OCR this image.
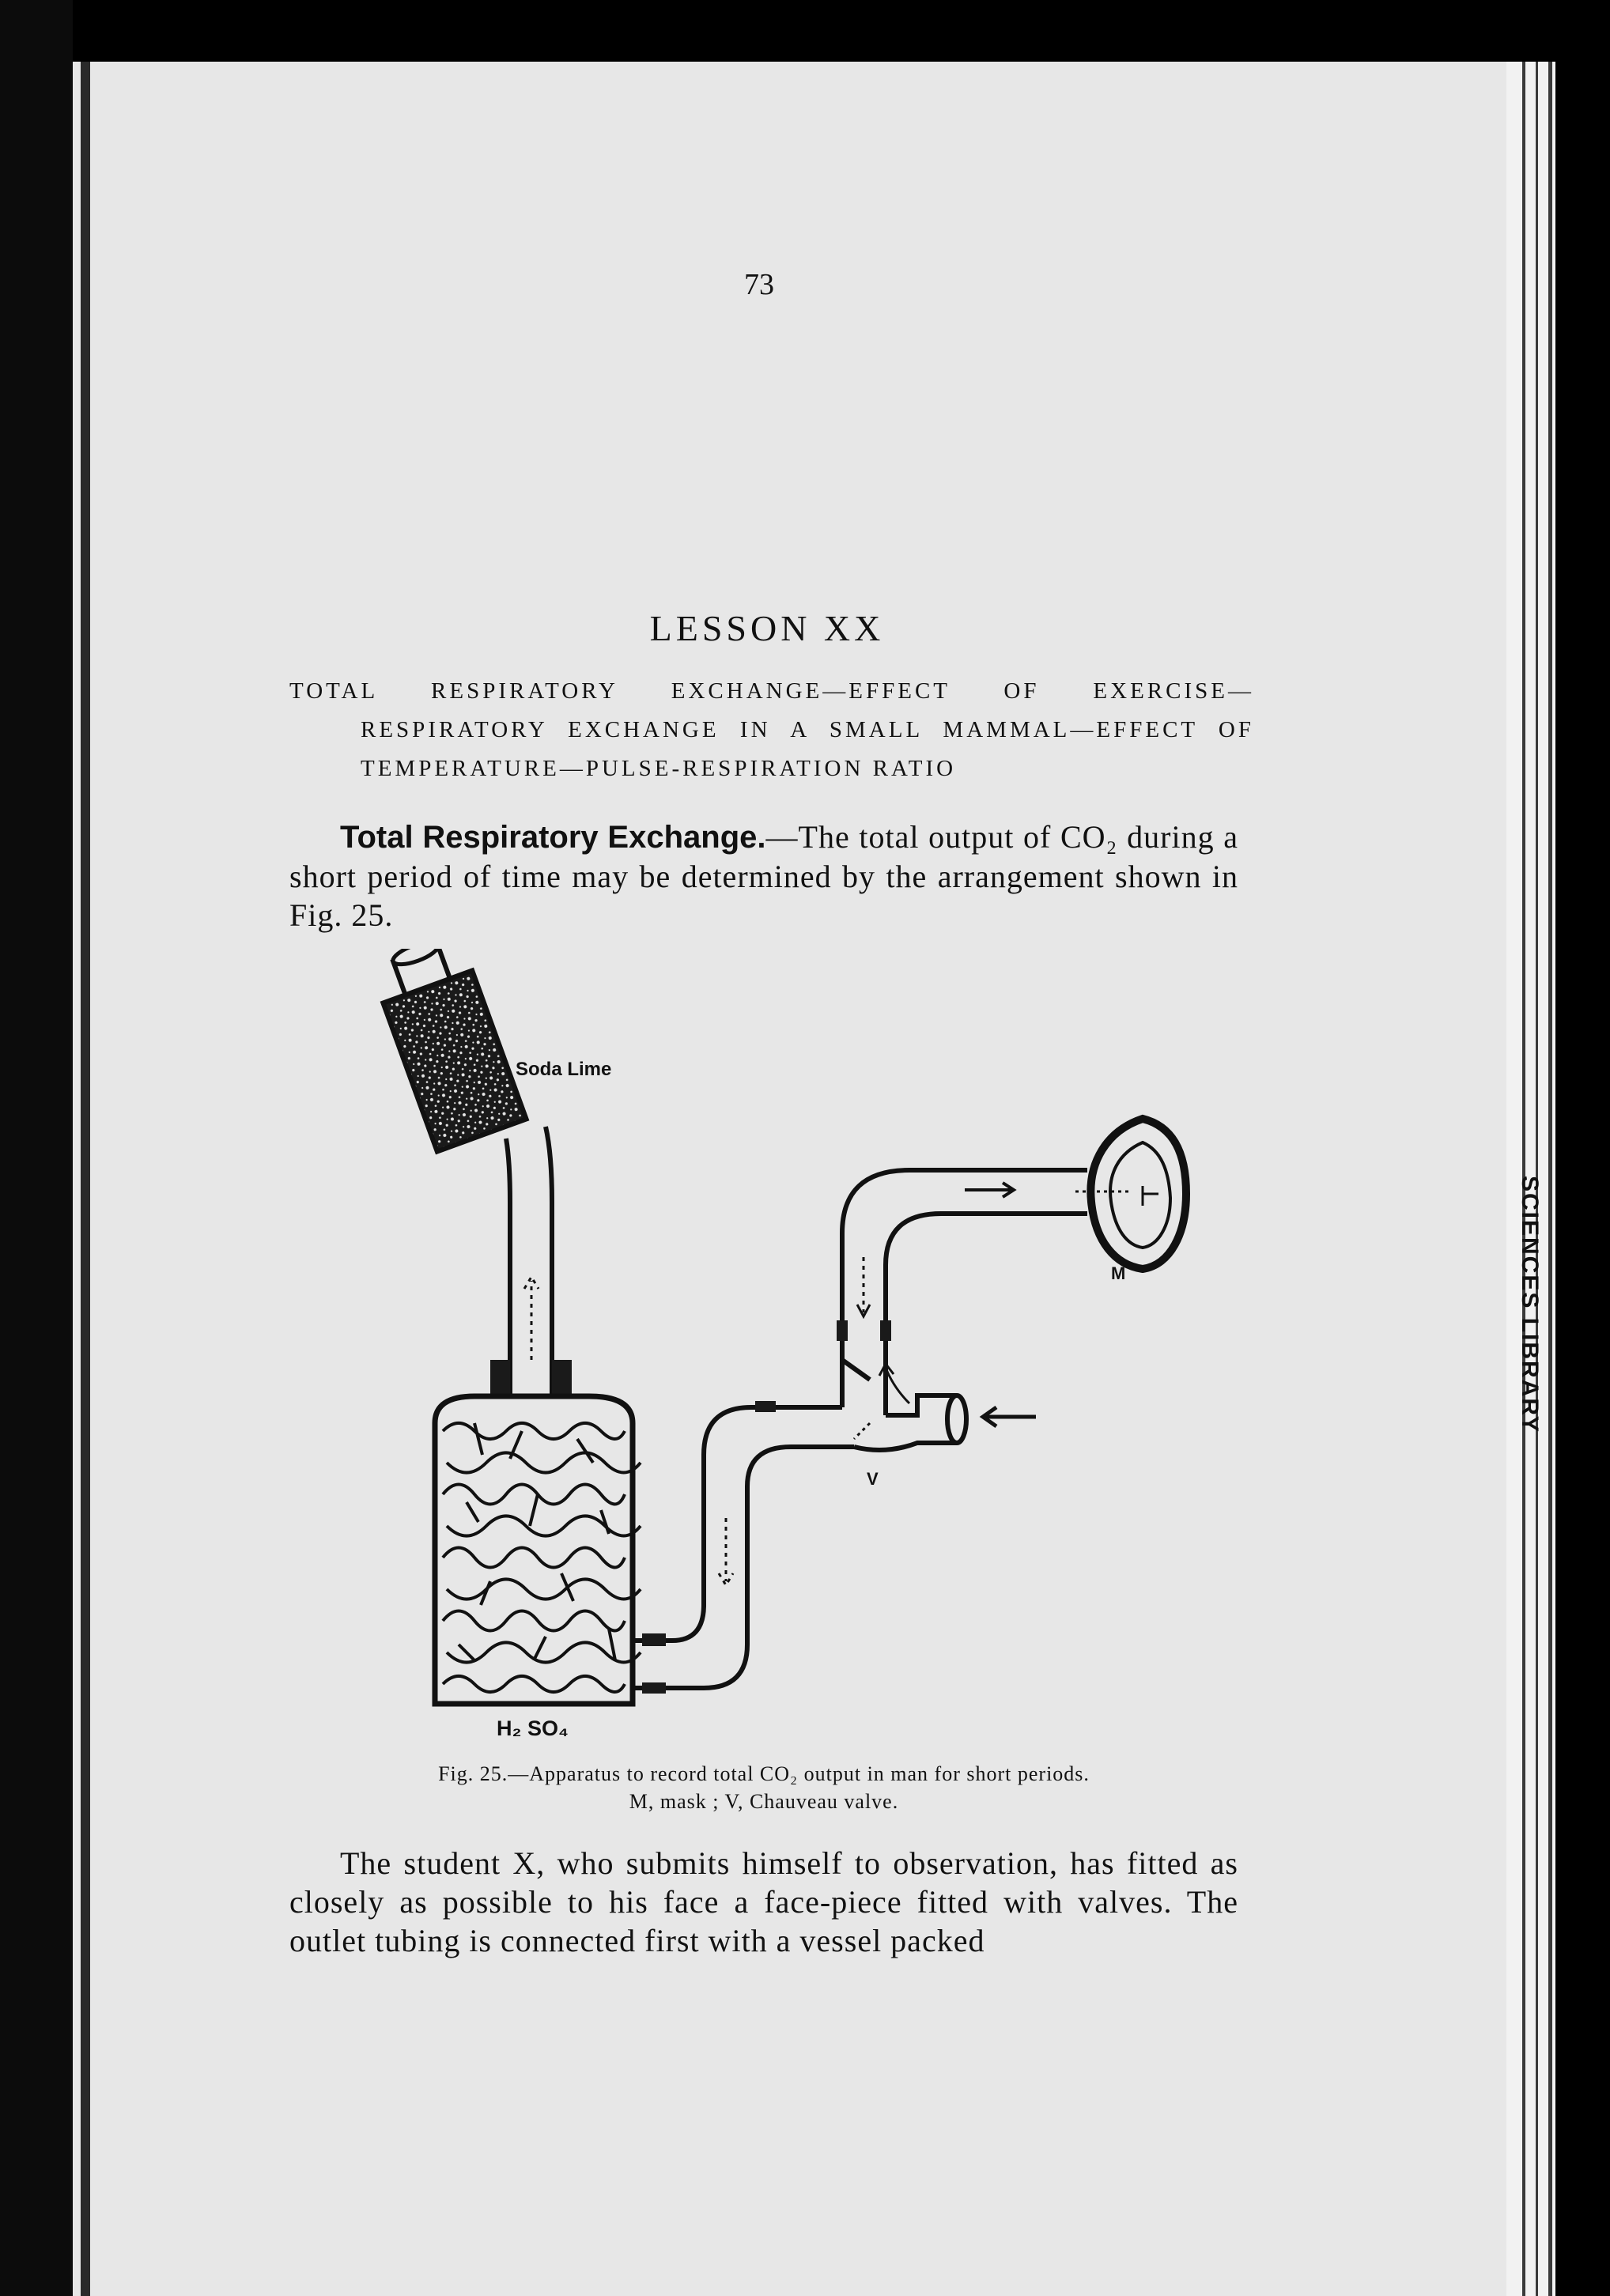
SCIENCES LIBRARY
73
LESSON XX
TOTAL RESPIRATORY EXCHANGE—EFFECT OF EXERCISE—RESPIRATORY EXCHANGE IN A SMALL MAMMAL—EFFECT OF TEMPERATURE—PULSE-RESPIRATION RATIO
Total Respiratory Exchange.—The total output of CO₂ during a short period of time may be determined by the arrangement shown in Fig. 25.
Soda Lime
H₂ SO₄
M
V
Fig. 25.—Apparatus to record total CO₂ output in man for short periods.
M, mask ; V, Chauveau valve.
The student X, who submits himself to observation, has fitted as closely as possible to his face a face-piece fitted with valves. The outlet tubing is connected first with a vessel packed
